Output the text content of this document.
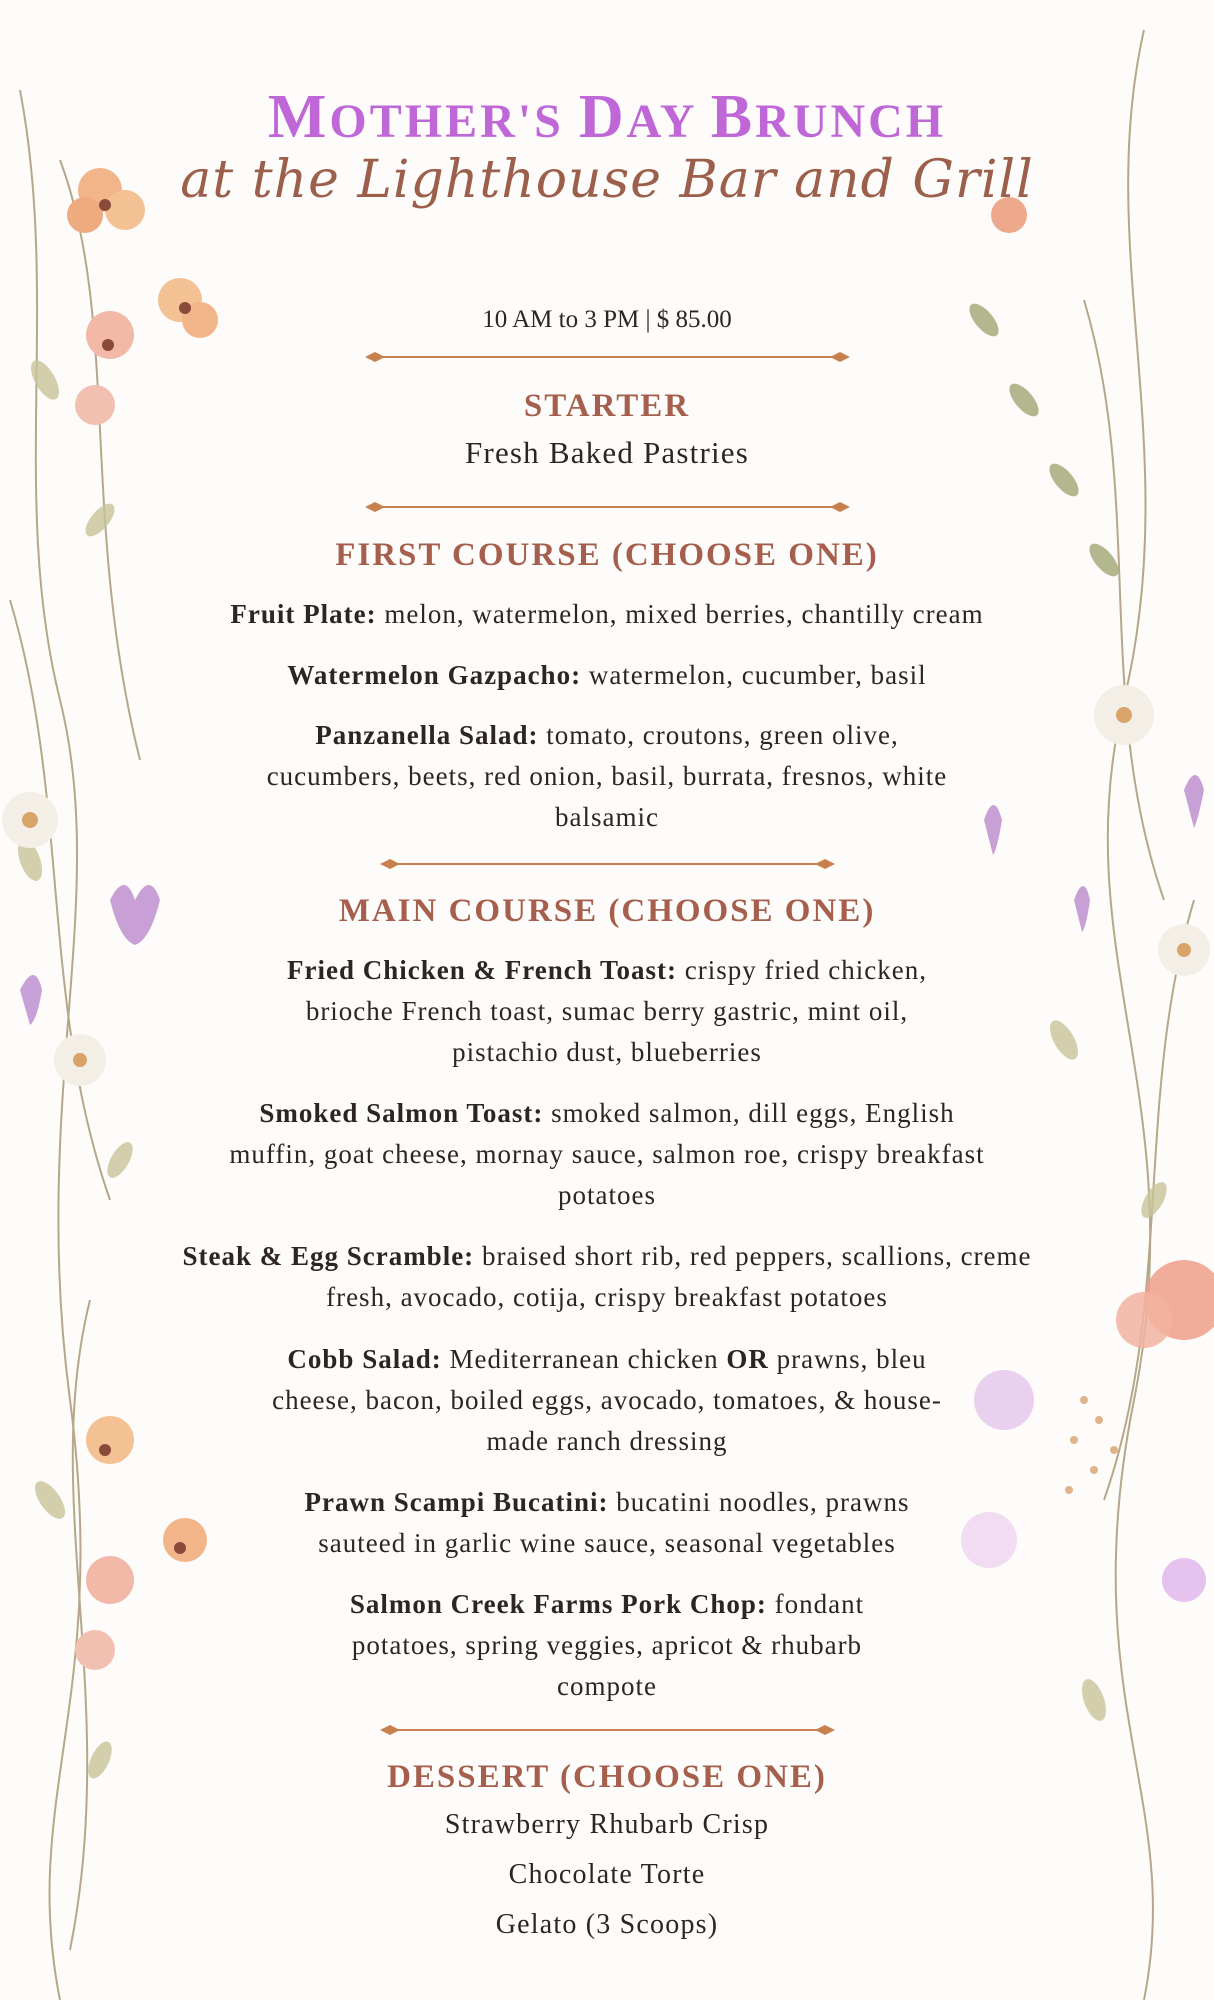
MOTHER'S DAY BRUNCH
at the Lighthouse Bar and Grill
10 AM to 3 PM | $ 85.00
STARTER
Fresh Baked Pastries
FIRST COURSE (CHOOSE ONE)
Fruit Plate: melon, watermelon, mixed berries, chantilly cream
Watermelon Gazpacho: watermelon, cucumber, basil
Panzanella Salad: tomato, croutons, green olive, cucumbers, beets, red onion, basil, burrata, fresnos, white balsamic
MAIN COURSE (CHOOSE ONE)
Fried Chicken & French Toast: crispy fried chicken, brioche French toast, sumac berry gastric, mint oil, pistachio dust, blueberries
Smoked Salmon Toast: smoked salmon, dill eggs, English muffin, goat cheese, mornay sauce, salmon roe, crispy breakfast potatoes
Steak & Egg Scramble: braised short rib, red peppers, scallions, creme fresh, avocado, cotija, crispy breakfast potatoes
Cobb Salad: Mediterranean chicken OR prawns, bleu cheese, bacon, boiled eggs, avocado, tomatoes, & house-made ranch dressing
Prawn Scampi Bucatini: bucatini noodles, prawns sauteed in garlic wine sauce, seasonal vegetables
Salmon Creek Farms Pork Chop: fondant potatoes, spring veggies, apricot & rhubarb compote
DESSERT (CHOOSE ONE)
Strawberry Rhubarb Crisp
Chocolate Torte
Gelato (3 Scoops)
